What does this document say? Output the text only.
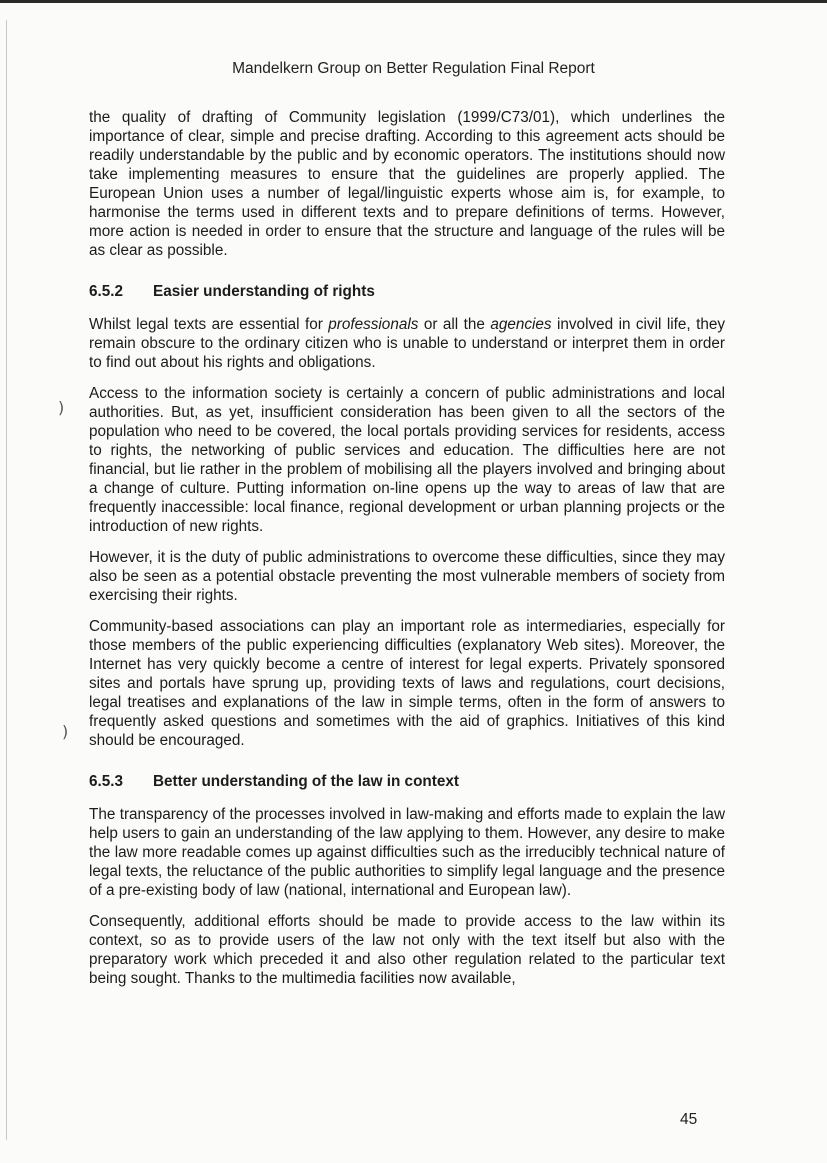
)
)
Mandelkern Group on Better Regulation Final Report

the quality of drafting of Community legislation (1999/C73/01), which underlines the importance of clear, simple and precise drafting. According to this agreement acts should be readily understandable by the public and by economic operators. The institutions should now take implementing measures to ensure that the guidelines are properly applied. The European Union uses a number of legal/linguistic experts whose aim is, for example, to harmonise the terms used in different texts and to prepare definitions of terms. However, more action is needed in order to ensure that the structure and language of the rules will be as clear as possible.

6.5.2	Easier understanding of rights

Whilst legal texts are essential for professionals or all the agencies involved in civil life, they remain obscure to the ordinary citizen who is unable to understand or interpret them in order to find out about his rights and obligations.

Access to the information society is certainly a concern of public administrations and local authorities. But, as yet, insufficient consideration has been given to all the sectors of the population who need to be covered, the local portals providing services for residents, access to rights, the networking of public services and education. The difficulties here are not financial, but lie rather in the problem of mobilising all the players involved and bringing about a change of culture. Putting information on-line opens up the way to areas of law that are frequently inaccessible: local finance, regional development or urban planning projects or the introduction of new rights.

However, it is the duty of public administrations to overcome these difficulties, since they may also be seen as a potential obstacle preventing the most vulnerable members of society from exercising their rights.

Community-based associations can play an important role as intermediaries, especially for those members of the public experiencing difficulties (explanatory Web sites). Moreover, the Internet has very quickly become a centre of interest for legal experts. Privately sponsored sites and portals have sprung up, providing texts of laws and regulations, court decisions, legal treatises and explanations of the law in simple terms, often in the form of answers to frequently asked questions and sometimes with the aid of graphics. Initiatives of this kind should be encouraged.

6.5.3	Better understanding of the law in context

The transparency of the processes involved in law-making and efforts made to explain the law help users to gain an understanding of the law applying to them. However, any desire to make the law more readable comes up against difficulties such as the irreducibly technical nature of legal texts, the reluctance of the public authorities to simplify legal language and the presence of a pre-existing body of law (national, international and European law).

Consequently, additional efforts should be made to provide access to the law within its context, so as to provide users of the law not only with the text itself but also with the preparatory work which preceded it and also other regulation related to the particular text being sought. Thanks to the multimedia facilities now available,

45
